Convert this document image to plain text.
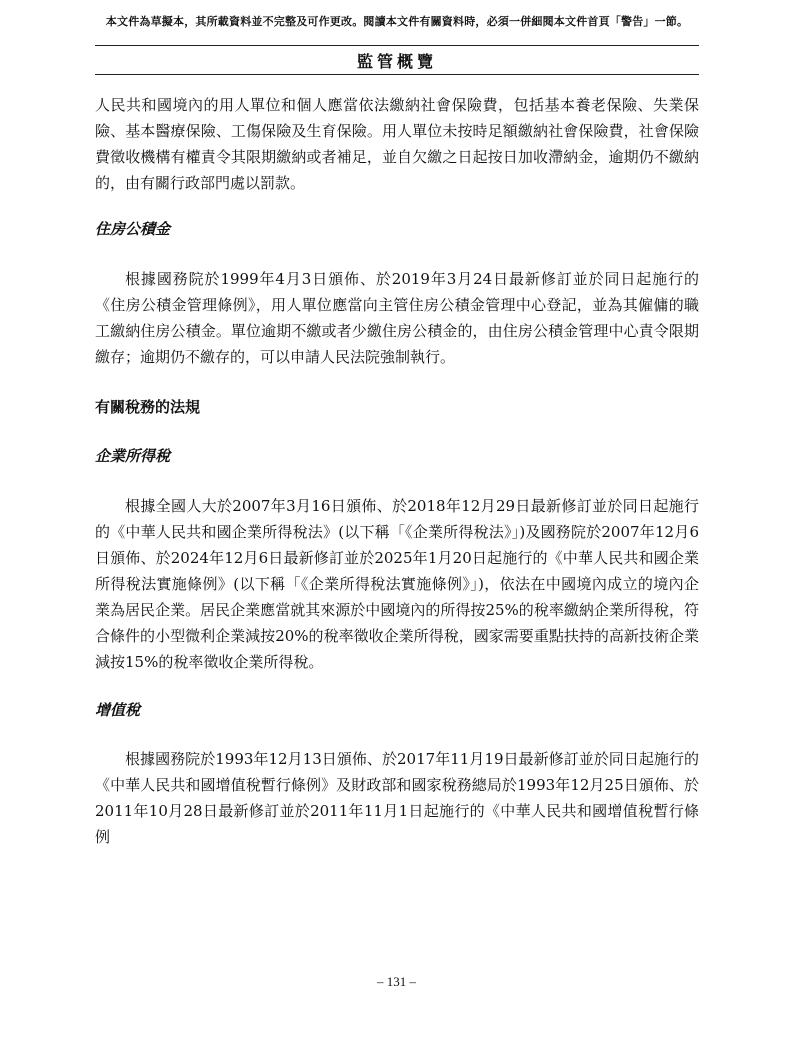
本文件為草擬本，其所載資料並不完整及可作更改。閱讀本文件有關資料時，必須一併細閱本文件首頁「警告」一節。
監管概覽

人民共和國境內的用人單位和個人應當依法繳納社會保險費，包括基本養老保險、失業保險、基本醫療保險、工傷保險及生育保險。用人單位未按時足額繳納社會保險費，社會保險費徵收機構有權責令其限期繳納或者補足，並自欠繳之日起按日加收滯納金，逾期仍不繳納的，由有關行政部門處以罰款。

住房公積金

根據國務院於1999年4月3日頒佈、於2019年3月24日最新修訂並於同日起施行的《住房公積金管理條例》，用人單位應當向主管住房公積金管理中心登記，並為其僱傭的職工繳納住房公積金。單位逾期不繳或者少繳住房公積金的，由住房公積金管理中心責令限期繳存；逾期仍不繳存的，可以申請人民法院強制執行。

有關稅務的法規
企業所得稅

根據全國人大於2007年3月16日頒佈、於2018年12月29日最新修訂並於同日起施行的《中華人民共和國企業所得稅法》(以下稱「《企業所得稅法》」)及國務院於2007年12月6日頒佈、於2024年12月6日最新修訂並於2025年1月20日起施行的《中華人民共和國企業所得稅法實施條例》(以下稱「《企業所得稅法實施條例》」)，依法在中國境內成立的境內企業為居民企業。居民企業應當就其來源於中國境內的所得按25%的稅率繳納企業所得稅，符合條件的小型微利企業減按20%的稅率徵收企業所得稅，國家需要重點扶持的高新技術企業減按15%的稅率徵收企業所得稅。

增值稅

根據國務院於1993年12月13日頒佈、於2017年11月19日最新修訂並於同日起施行的《中華人民共和國增值稅暫行條例》及財政部和國家稅務總局於1993年12月25日頒佈、於2011年10月28日最新修訂並於2011年11月1日起施行的《中華人民共和國增值稅暫行條例

– 131 –
